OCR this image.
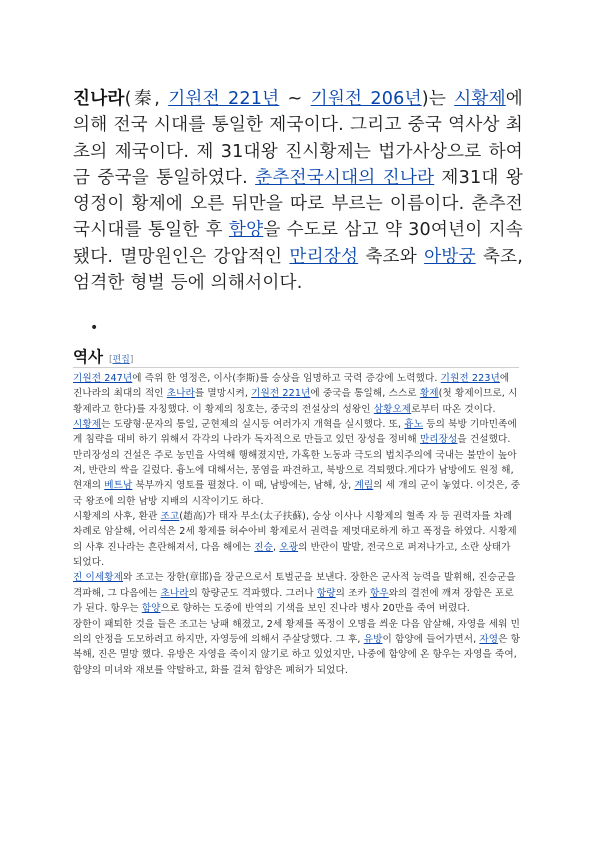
진나라(秦, 기원전 221년 ~ 기원전 206년)는 시황제에 의해 전국 시대를 통일한 제국이다. 그리고 중국 역사상 최초의 제국이다. 제 31대왕 진시황제는 법가사상으로 하여금 중국을 통일하였다. 춘추전국시대의 진나라 제31대 왕 영정이 황제에 오른 뒤만을 따로 부르는 이름이다. 춘추전국시대를 통일한 후 함양을 수도로 삼고 약 30여년이 지속됐다. 멸망원인은 강압적인 만리장성 축조와 아방궁 축조, 엄격한 형벌 등에 의해서이다.
•
역사 [편집]

기원전 247년에 즉위 한 영정은, 이사(李斯)를 승상을 임명하고 국력 증강에 노력했다. 기원전 223년에 진나라의 최대의 적인 초나라를 멸망시켜, 기원전 221년에 중국을 통일해, 스스로 황제(첫 황제이므로, 시황제라고 한다)를 자칭했다. 이 황제의 칭호는, 중국의 전설상의 성왕인 삼황오제로부터 따온 것이다.

시황제는 도량형·문자의 통일, 군현제의 실시등 여러가지 개혁을 실시했다. 또, 흉노 등의 북방 기마민족에게 침략을 대비 하기 위해서 각각의 나라가 독자적으로 만들고 있던 장성을 정비해 만리장성을 건설했다. 만리장성의 건설은 주로 농민을 사역해 행해졌지만, 가혹한 노동과 극도의 법치주의에 국내는 불만이 높아져, 반란의 싹을 길렀다. 흉노에 대해서는, 몽염을 파견하고, 북방으로 격퇴했다.게다가 남방에도 원정 해, 현재의 베트남 북부까지 영토를 펼쳤다. 이 때, 남방에는, 남해, 상, 계림의 세 개의 군이 놓였다. 이것은, 중국 왕조에 의한 남방 지배의 시작이기도 하다.

시황제의 사후, 환관 조고(趙高)가 태자 부소(太子扶蘇), 승상 이사나 시황제의 혈족 자 등 권력자를 차례차례로 암살해, 어리석은 2세 황제를 허수아비 황제로서 권력을 제멋대로하게 하고 폭정을 하였다. 시황제의 사후 진나라는 흔란해져서, 다음 해에는 진승, 오광의 반란이 발발, 전국으로 퍼져나가고, 소란 상태가 되었다.

진 이세황제와 조고는 장한(章邯)을 장군으로서 토벌군을 보낸다. 장한은 군사적 능력을 발휘해, 진승군을 격파해, 그 다음에는 초나라의 항량군도 격파했다. 그러나 항량의 조카 항우와의 결전에 깨져 장함은 포로가 된다. 항우는 함양으로 향하는 도중에 반역의 기색을 보인 진나라 병사 20만을 죽여 버렸다.

장한이 패퇴한 것을 들은 조고는 낭패 해졌고, 2세 황제를 폭정이 오명을 씌운 다음 암살해, 자영을 세워 민의의 안정을 도모하려고 하지만, 자영등에 의해서 주살당했다. 그 후, 유방이 함양에 들어가면서, 자영은 항복해, 진은 멸망 했다. 유방은 자영을 죽이지 않기로 하고 있었지만, 나중에 함양에 온 항우는 자영을 죽여, 함양의 미녀와 재보를 약탈하고, 화를 걸쳐 함양은 폐허가 되었다.
